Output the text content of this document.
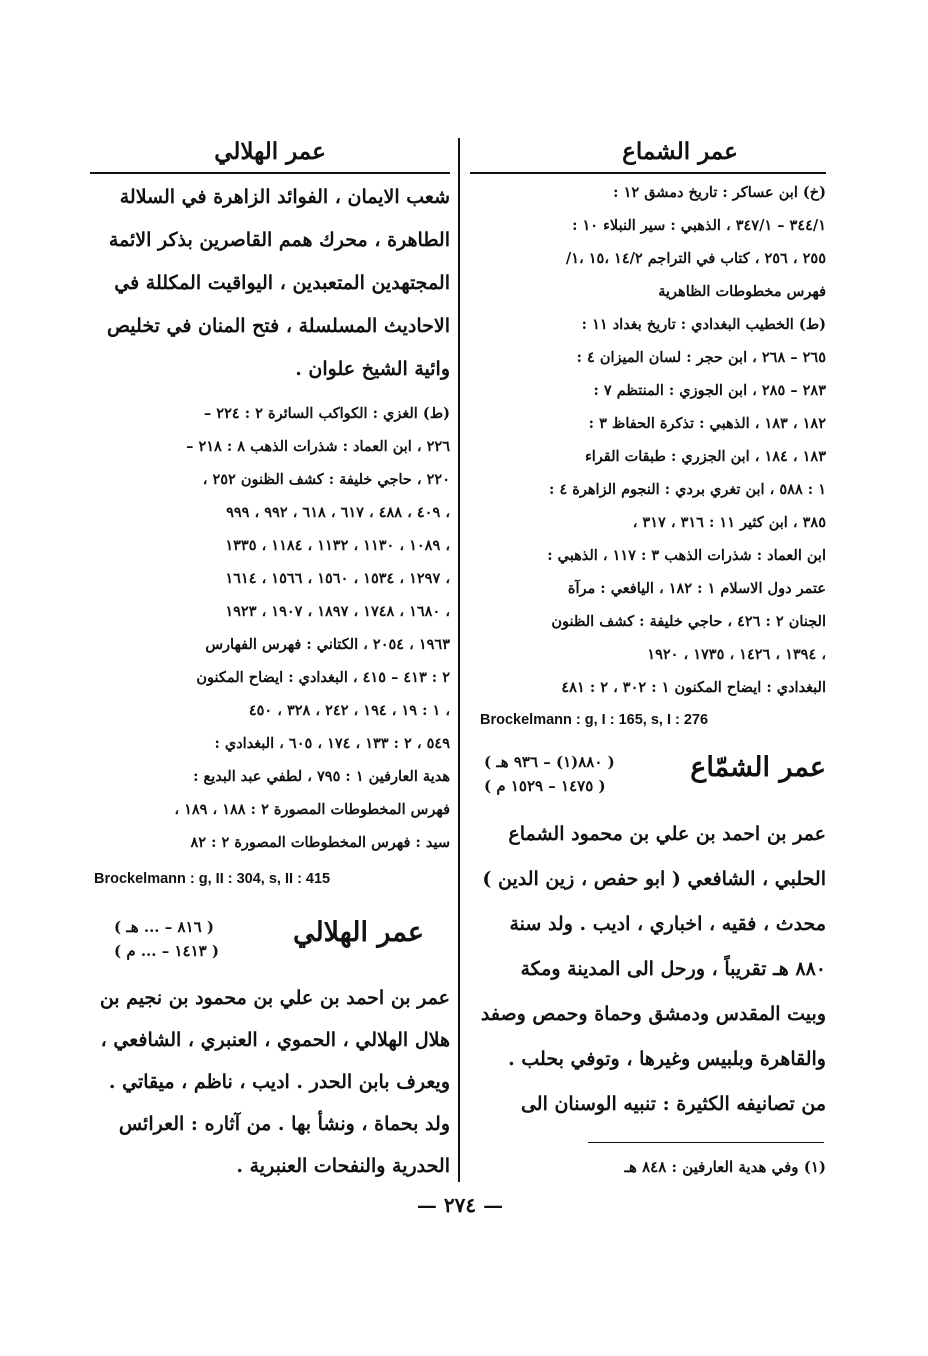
عمر الشماع
عمر الهلالي
(خ) ابن عساكر : تاريخ دمشق ١٢ :
٣٤٤/١ – ٣٤٧/١ ، الذهبي : سير النبلاء ١٠ :
٢٥٥ ، ٢٥٦ ، كتاب في التراجم ١٤/٢ ،١٥ ،١/
فهرس مخطوطات الظاهرية
(ط) الخطيب البغدادي : تاريخ بغداد ١١ :
٢٦٥ – ٢٦٨ ، ابن حجر : لسان الميزان ٤ :
٢٨٣ – ٢٨٥ ، ابن الجوزي : المنتظم ٧ :
١٨٢ ، ١٨٣ ، الذهبي : تذكرة الحفاظ ٣ :
١٨٣ ، ١٨٤ ، ابن الجزري : طبقات القراء
١ : ٥٨٨ ، ابن تغري بردي : النجوم الزاهرة ٤ :
٣٨٥ ، ابن كثير ١١ : ٣١٦ ، ٣١٧ ،
ابن العماد : شذرات الذهب ٣ : ١١٧ ، الذهبي :
عتمر دول الاسلام ١ : ١٨٢ ، اليافعي : مرآة
الجنان ٢ : ٤٢٦ ، حاجي خليفة : كشف الظنون
١٣٩٤ ، ١٤٢٦ ، ١٧٣٥ ، ١٩٢٠ ،
البغدادي : ايضاح المكنون ١ : ٣٠٢ ، ٢ : ٤٨١
Brockelmann : g, I : 165, s, I : 276
عمر الشمّاع
( ٨٨٠(١) – ٩٣٦ هـ )
( ١٤٧٥ – ١٥٢٩ م )
عمر بن احمد بن علي بن محمود الشماع
الحلبي ، الشافعي ( ابو حفص ، زين الدين )
محدث ، فقيه ، اخباري ، اديب . ولد سنة
٨٨٠ هـ تقريباً ، ورحل الى المدينة ومكة
وبيت المقدس ودمشق وحماة وحمص وصفد
والقاهرة وبلبيس وغيرها ، وتوفي بحلب .
من تصانيفه الكثيرة : تنبيه الوسنان الى
(١) وفي هدية العارفين : ٨٤٨ هـ
شعب الايمان ، الفوائد الزاهرة في السلالة
الطاهرة ، محرك همم القاصرين بذكر الائمة
المجتهدين المتعبدين ، اليواقيت المكللة في
الاحاديث المسلسلة ، فتح المنان في تخليص
وائية الشيخ علوان .
(ط) الغزي : الكواكب السائرة ٢ : ٢٢٤ –
٢٢٦ ، ابن العماد : شذرات الذهب ٨ : ٢١٨ –
٢٢٠ ، حاجي خليفة : كشف الظنون ٢٥٢ ،
٤٠٩ ، ٤٨٨ ، ٦١٧ ، ٦١٨ ، ٩٩٢ ، ٩٩٩ ،
١٠٨٩ ، ١١٣٠ ، ١١٣٢ ، ١١٨٤ ، ١٣٣٥ ،
١٢٩٧ ، ١٥٣٤ ، ١٥٦٠ ، ١٥٦٦ ، ١٦١٤ ،
١٦٨٠ ، ١٧٤٨ ، ١٨٩٧ ، ١٩٠٧ ، ١٩٢٣ ،
١٩٦٣ ، ٢٠٥٤ ، الكتاني : فهرس الفهارس
٢ : ٤١٣ – ٤١٥ ، البغدادي : ايضاح المكنون
١ : ١٩ ، ١٩٤ ، ٢٤٢ ، ٣٢٨ ، ٤٥٠ ،
٥٤٩ ، ٢ : ١٣٣ ، ١٧٤ ، ٦٠٥ ، البغدادي :
هدية العارفين ١ : ٧٩٥ ، لطفي عبد البديع :
فهرس المخطوطات المصورة ٢ : ١٨٨ ، ١٨٩ ،
سيد : فهرس المخطوطات المصورة ٢ : ٨٢
Brockelmann : g, II : 304, s, II : 415
عمر الهلالي
( ٨١٦ – ... هـ )
( ١٤١٣ – ... م )
عمر بن احمد بن علي بن محمود بن نجيم بن
هلال الهلالي ، الحموي ، العنبري ، الشافعي ،
ويعرف بابن الحدر . اديب ، ناظم ، ميقاتي .
ولد بحماة ، ونشأ بها . من آثاره : العرائس
الحدرية والنفحات العنبرية .
— ٢٧٤ —
